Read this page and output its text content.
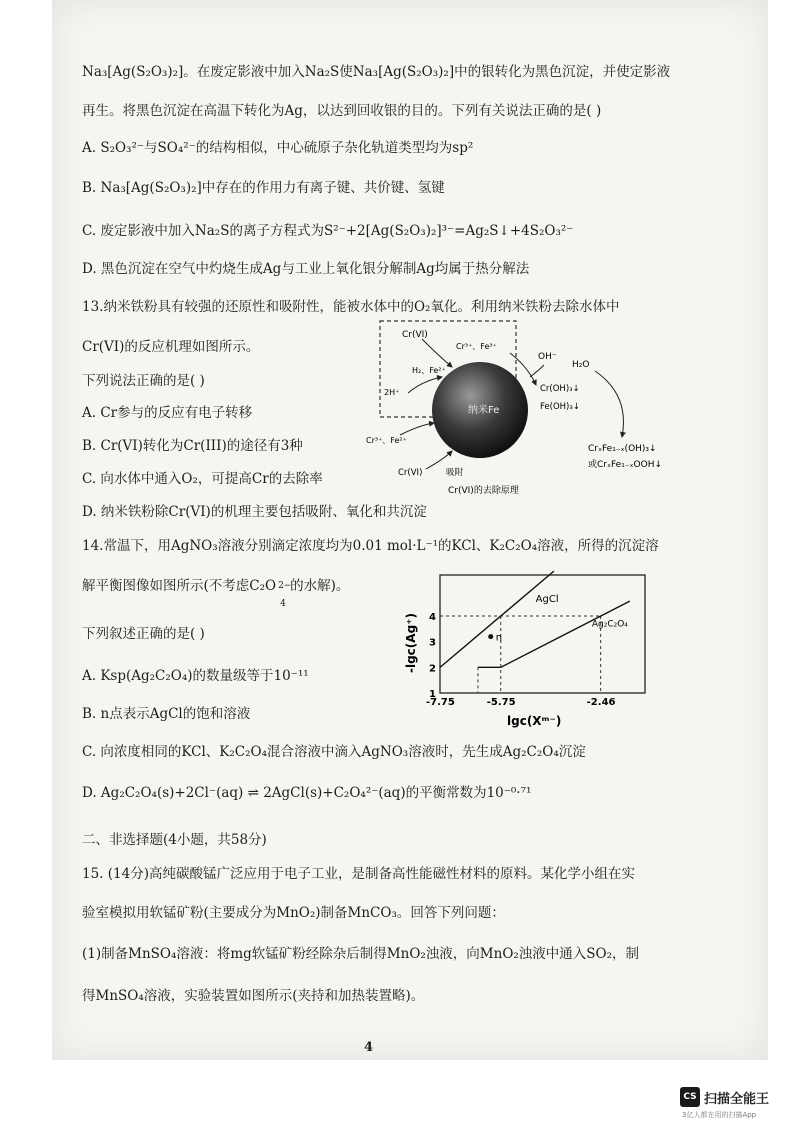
Na₃[Ag(S₂O₃)₂]。在废定影液中加入Na₂S使Na₃[Ag(S₂O₃)₂]中的银转化为黑色沉淀，并使定影液
再生。将黑色沉淀在高温下转化为Ag，以达到回收银的目的。下列有关说法正确的是( )
A. S₂O₃²⁻与SO₄²⁻的结构相似，中心硫原子杂化轨道类型均为sp²
B. Na₃[Ag(S₂O₃)₂]中存在的作用力有离子键、共价键、氢键
C. 废定影液中加入Na₂S的离子方程式为S²⁻+2[Ag(S₂O₃)₂]³⁻=Ag₂S↓+4S₂O₃²⁻
D. 黑色沉淀在空气中灼烧生成Ag与工业上氧化银分解制Ag均属于热分解法
13.纳米铁粉具有较强的还原性和吸附性，能被水体中的O₂氧化。利用纳米铁粉去除水体中
Cr(VI)的反应机理如图所示。
下列说法正确的是( )
A. Cr参与的反应有电子转移
B. Cr(VI)转化为Cr(III)的途径有3种
C. 向水体中通入O₂，可提高Cr的去除率
D. 纳米铁粉除Cr(VI)的机理主要包括吸附、氧化和共沉淀
纳米Fe
Cr(VI)
Cr³⁺、Fe³⁺
H₂、Fe²⁺
2H⁺
OH⁻
H₂O
Cr(OH)₃↓
Fe(OH)₃↓
Cr³⁺、Fe²⁺
Cr(VI)	吸附
CrₓFe₁₋ₓ(OH)₃↓
或CrₓFe₁₋ₓOOH↓
Cr(VI)的去除原理
14.常温下，用AgNO₃溶液分别滴定浓度均为0.01 mol·L⁻¹的KCl、K₂C₂O₄溶液，所得的沉淀溶
解平衡图像如图所示(不考虑C₂O 2−
4
的水解)。
下列叙述正确的是( )
A. Ksp(Ag₂C₂O₄)的数量级等于10⁻¹¹
B. n点表示AgCl的饱和溶液
C. 向浓度相同的KCl、K₂C₂O₄混合溶液中滴入AgNO₃溶液时，先生成Ag₂C₂O₄沉淀
D. Ag₂C₂O₄(s)+2Cl⁻(aq) ⇌ 2AgCl(s)+C₂O₄²⁻(aq)的平衡常数为10⁻⁰·⁷¹
-lgc(Ag⁺)
lgc(Xᵐ⁻)
AgCl
Ag₂C₂O₄
n
1
2
3
4
-7.75	-5.75	-2.46
二、非选择题(4小题，共58分)
15. (14分)高纯碳酸锰广泛应用于电子工业，是制备高性能磁性材料的原料。某化学小组在实
验室模拟用软锰矿粉(主要成分为MnO₂)制备MnCO₃。回答下列问题：
(1)制备MnSO₄溶液：将mg软锰矿粉经除杂后制得MnO₂浊液，向MnO₂浊液中通入SO₂，制
得MnSO₄溶液，实验装置如图所示(夹持和加热装置略)。
4
CS 扫描全能王
3亿人都在用的扫描App
